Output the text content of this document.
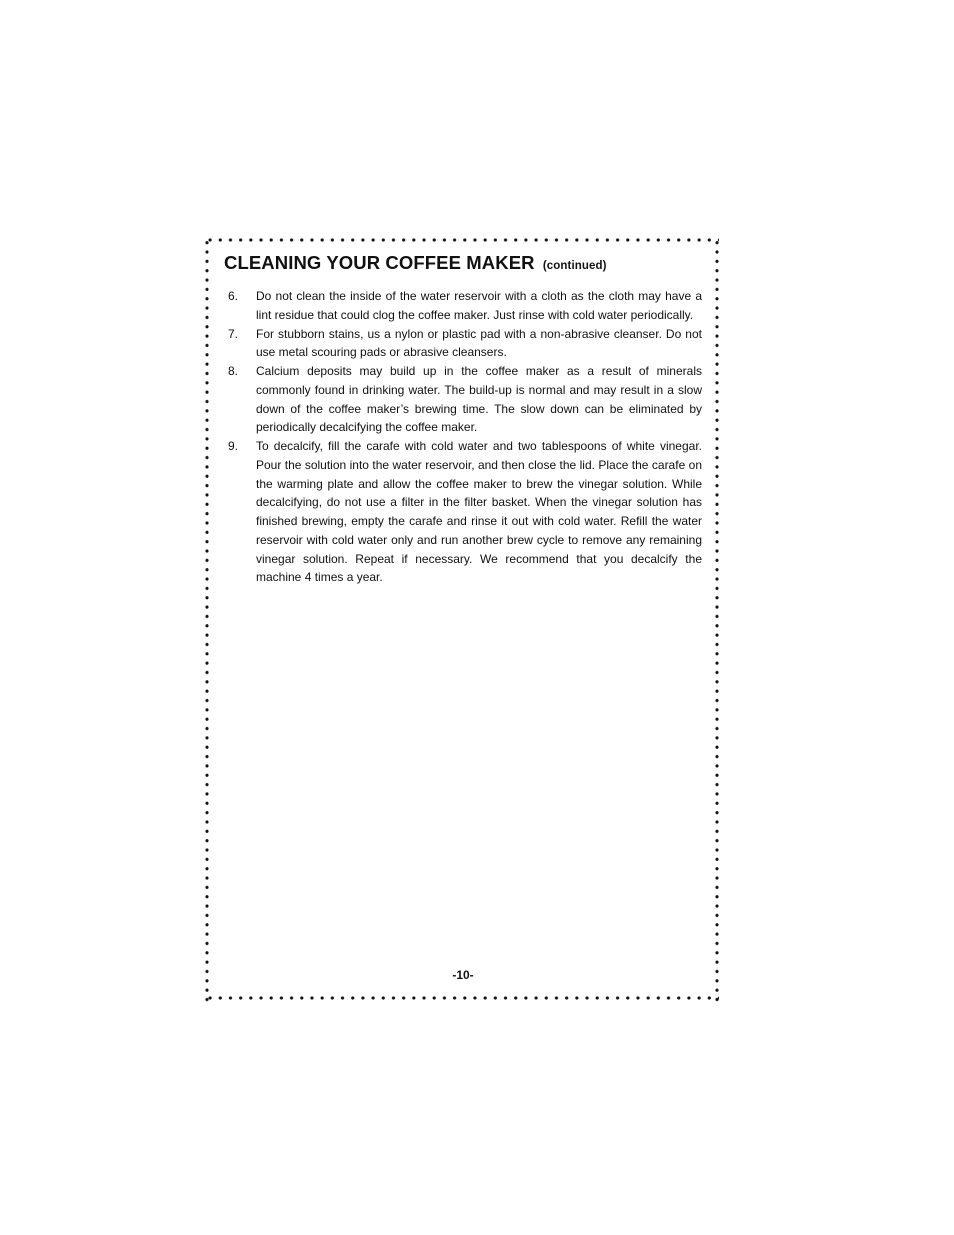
CLEANING YOUR COFFEE MAKER (continued)
6. Do not clean the inside of the water reservoir with a cloth as the cloth may have a lint residue that could clog the coffee maker. Just rinse with cold water periodically.
7. For stubborn stains, us a nylon or plastic pad with a non-abrasive cleanser. Do not use metal scouring pads or abrasive cleansers.
8. Calcium deposits may build up in the coffee maker as a result of minerals commonly found in drinking water. The build-up is normal and may result in a slow down of the coffee maker’s brewing time. The slow down can be eliminated by periodically decalcifying the coffee maker.
9. To decalcify, fill the carafe with cold water and two tablespoons of white vinegar. Pour the solution into the water reservoir, and then close the lid. Place the carafe on the warming plate and allow the coffee maker to brew the vinegar solution. While decalcifying, do not use a filter in the filter basket. When the vinegar solution has finished brewing, empty the carafe and rinse it out with cold water. Refill the water reservoir with cold water only and run another brew cycle to remove any remaining vinegar solution. Repeat if necessary. We recommend that you decalcify the machine 4 times a year.
-10-
